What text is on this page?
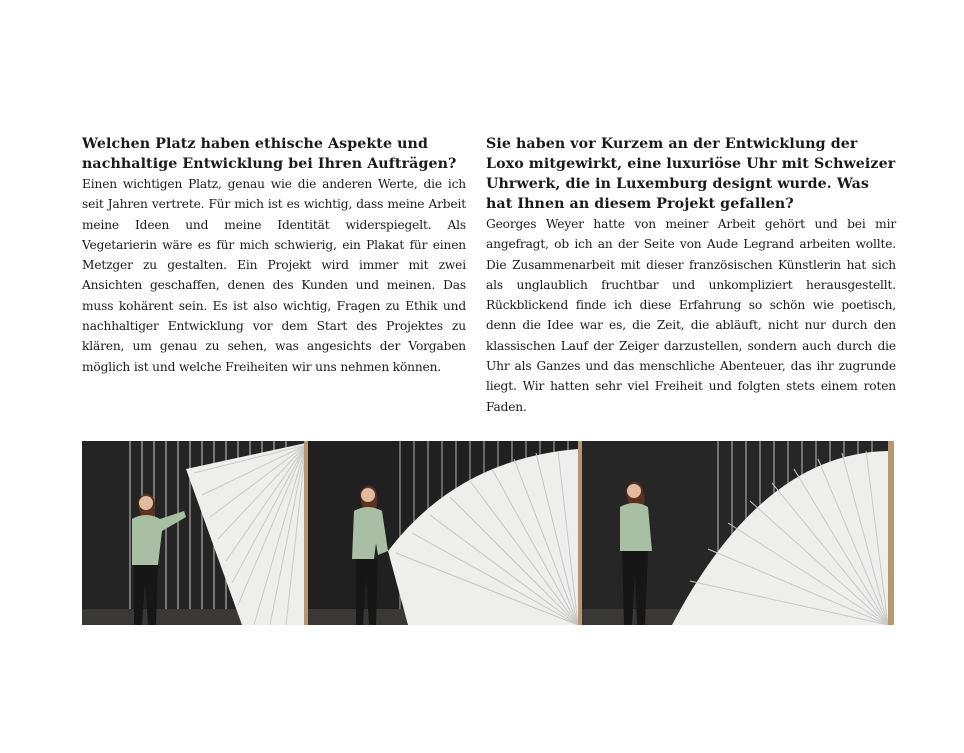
Welchen Platz haben ethische Aspekte und nachhaltige Entwicklung bei Ihren Aufträgen?

Einen wichtigen Platz, genau wie die anderen Werte, die ich seit Jahren vertrete. Für mich ist es wichtig, dass meine Arbeit meine Ideen und meine Identität widerspiegelt. Als Vegetarierin wäre es für mich schwierig, ein Plakat für einen Metzger zu gestalten. Ein Projekt wird immer mit zwei Ansichten geschaffen, denen des Kunden und meinen. Das muss kohärent sein. Es ist also wichtig, Fragen zu Ethik und nachhaltiger Entwicklung vor dem Start des Projektes zu klären, um genau zu sehen, was angesichts der Vorgaben möglich ist und welche Freiheiten wir uns nehmen können.

Sie haben vor Kurzem an der Entwicklung der Loxo mitgewirkt, eine luxuriöse Uhr mit Schweizer Uhrwerk, die in Luxemburg designt wurde. Was hat Ihnen an diesem Projekt gefallen?

Georges Weyer hatte von meiner Arbeit gehört und bei mir angefragt, ob ich an der Seite von Aude Legrand arbeiten wollte. Die Zusammenarbeit mit dieser französischen Künstlerin hat sich als unglaublich fruchtbar und unkompliziert herausgestellt. Rückblickend finde ich diese Erfahrung so schön wie poetisch, denn die Idee war es, die Zeit, die abläuft, nicht nur durch den klassischen Lauf der Zeiger darzustellen, sondern auch durch die Uhr als Ganzes und das menschliche Abenteuer, das ihr zugrunde liegt. Wir hatten sehr viel Freiheit und folgten stets einem roten Faden.
